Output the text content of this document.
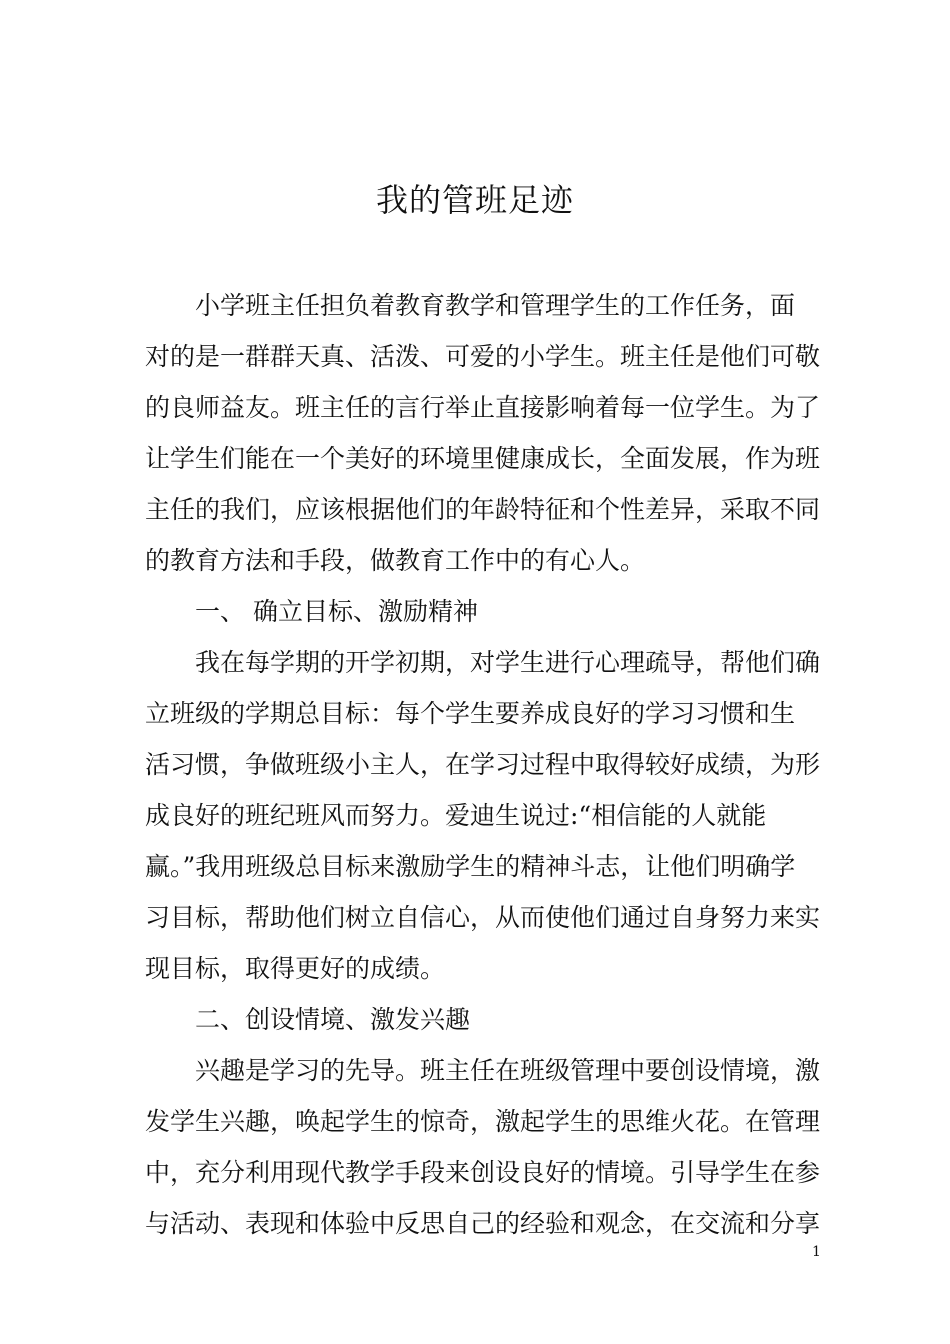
我的管班足迹
小学班主任担负着教育教学和管理学生的工作任务，面
对的是一群群天真、活泼、可爱的小学生。班主任是他们可敬
的良师益友。班主任的言行举止直接影响着每一位学生。为了
让学生们能在一个美好的环境里健康成长，全面发展，作为班
主任的我们，应该根据他们的年龄特征和个性差异，采取不同
的教育方法和手段，做教育工作中的有心人。
一、 确立目标、激励精神
我在每学期的开学初期，对学生进行心理疏导，帮他们确
立班级的学期总目标：每个学生要养成良好的学习习惯和生
活习惯，争做班级小主人，在学习过程中取得较好成绩，为形
成良好的班纪班风而努力。爱迪生说过:“相信能的人就能
赢。”我用班级总目标来激励学生的精神斗志，让他们明确学
习目标，帮助他们树立自信心，从而使他们通过自身努力来实
现目标，取得更好的成绩。
二、创设情境、激发兴趣
兴趣是学习的先导。班主任在班级管理中要创设情境，激
发学生兴趣，唤起学生的惊奇，激起学生的思维火花。在管理
中，充分利用现代教学手段来创设良好的情境。引导学生在参
与活动、表现和体验中反思自己的经验和观念，在交流和分享
1
